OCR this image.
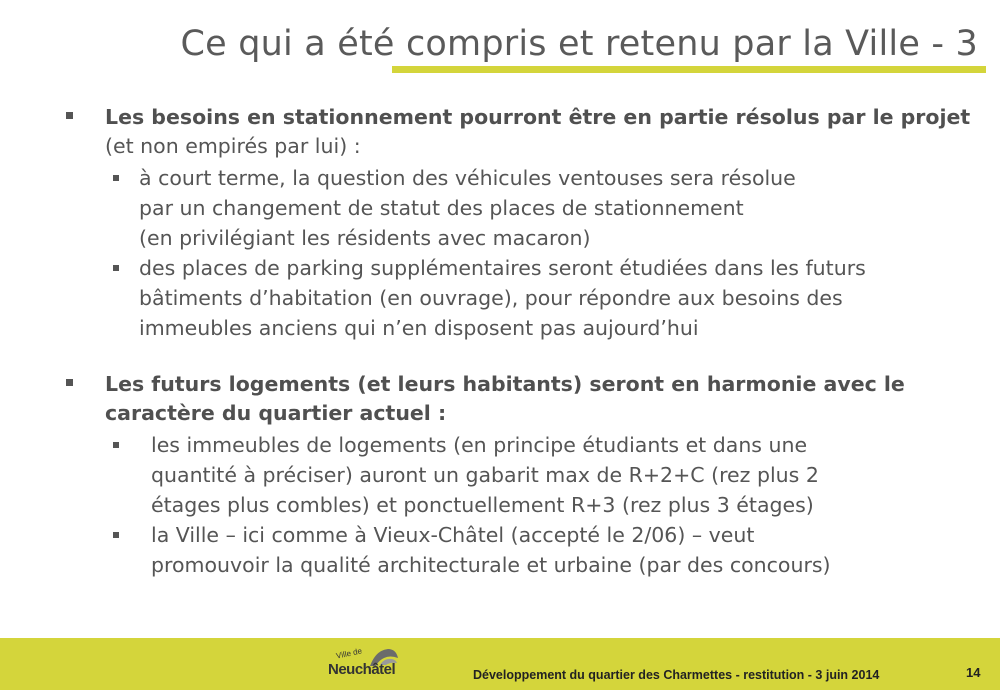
Ce qui a été compris et retenu par la Ville - 3
Les besoins en stationnement pourront être en partie résolus par le projet (et non empirés par lui) :
à court terme, la question des véhicules ventouses sera résolue
par un changement de statut des places de stationnement
(en privilégiant les résidents avec macaron)
des places de parking supplémentaires seront étudiées dans les futurs
bâtiments d’habitation (en ouvrage), pour répondre aux besoins des
immeubles anciens qui n’en disposent pas aujourd’hui
Les futurs logements (et leurs habitants) seront en harmonie avec le caractère du quartier actuel :
les immeubles de logements (en principe étudiants et dans une
quantité à préciser) auront un gabarit max de R+2+C (rez plus 2
étages plus combles) et ponctuellement R+3 (rez plus 3 étages)
la Ville – ici comme à Vieux-Châtel (accepté le 2/06) – veut
promouvoir la qualité architecturale et urbaine (par des concours)
Ville de
Neuchâtel	Développement du quartier des Charmettes - restitution - 3 juin 2014	14
